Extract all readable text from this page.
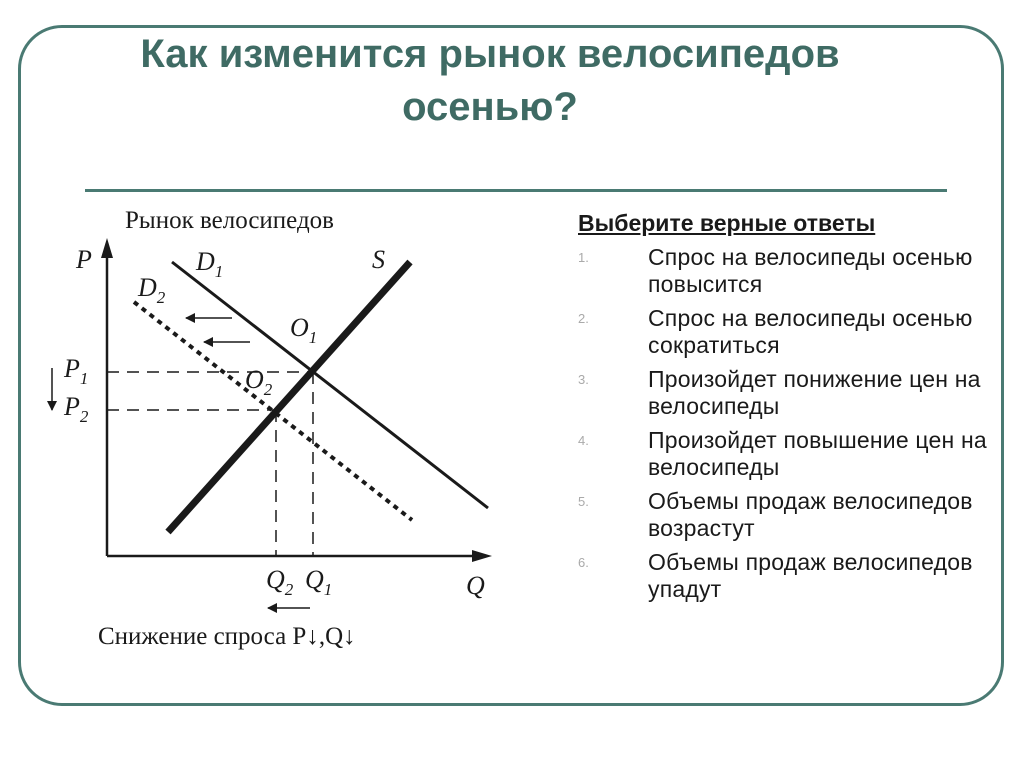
Как изменится рынок велосипедов
осенью?
Рынок велосипедов
P
Q
$D_1$
$D_2$
S
$O_1$
$O_2$
$P_1$
$P_2$
$Q_2$ $Q_1$
Снижение спроса P↓,Q↓
Выберите верные ответы
1.	Спрос на велосипеды осенью повысится
2.	Спрос на велосипеды осенью сократиться
3.	Произойдет понижение цен на велосипеды
4.	Произойдет повышение цен на велосипеды
5.	Объемы продаж велосипедов возрастут
6.	Объемы продаж велосипедов упадут
